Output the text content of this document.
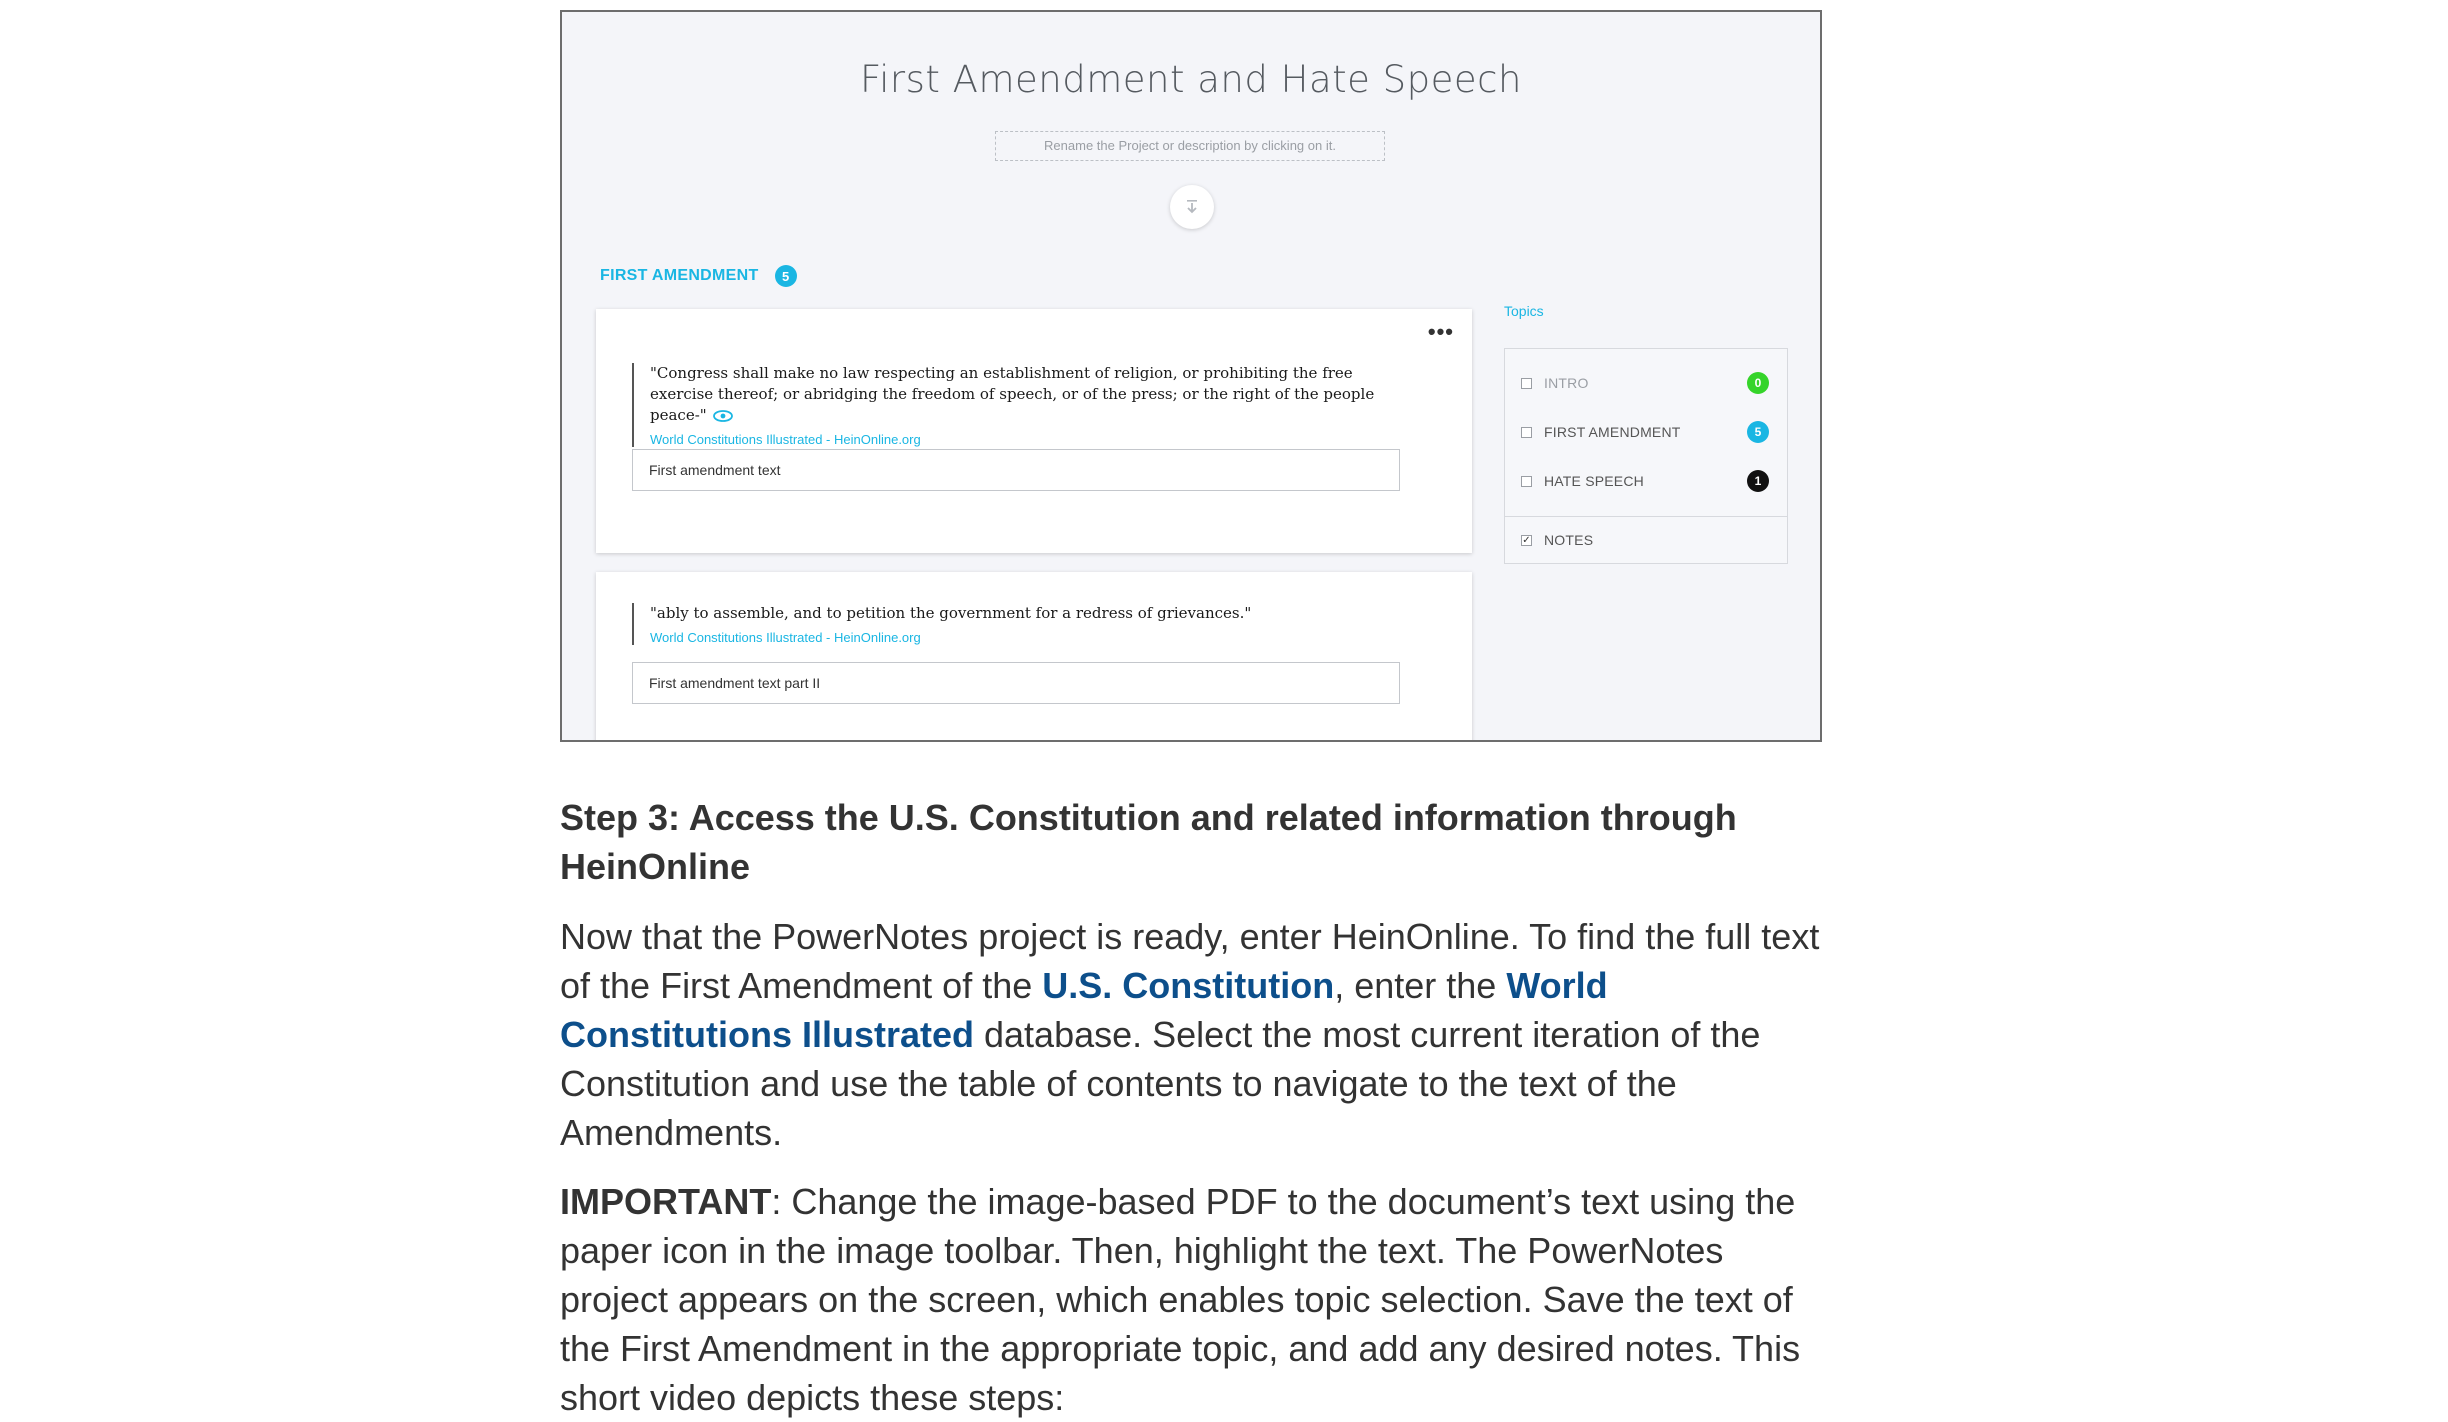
First Amendment and Hate Speech
Rename the Project or description by clicking on it.
FIRST AMENDMENT	5
•••
"Congress shall make no law respecting an establishment of religion, or prohibiting the free exercise thereof; or abridging the freedom of speech, or of the press; or the right of the people peace-"
World Constitutions Illustrated - HeinOnline.org
First amendment text
"ably to assemble, and to petition the government for a redress of grievances."
World Constitutions Illustrated - HeinOnline.org
First amendment text part II
Topics
INTRO	0
FIRST AMENDMENT	5
HATE SPEECH	1
✓ NOTES
Step 3: Access the U.S. Constitution and related information through HeinOnline

Now that the PowerNotes project is ready, enter HeinOnline. To find the full text of the First Amendment of the U.S. Constitution, enter the World Constitutions Illustrated database. Select the most current iteration of the Constitution and use the table of contents to navigate to the text of the Amendments.

IMPORTANT: Change the image-based PDF to the document’s text using the paper icon in the image toolbar. Then, highlight the text. The PowerNotes project appears on the screen, which enables topic selection. Save the text of the First Amendment in the appropriate topic, and add any desired notes. This short video depicts these steps:
